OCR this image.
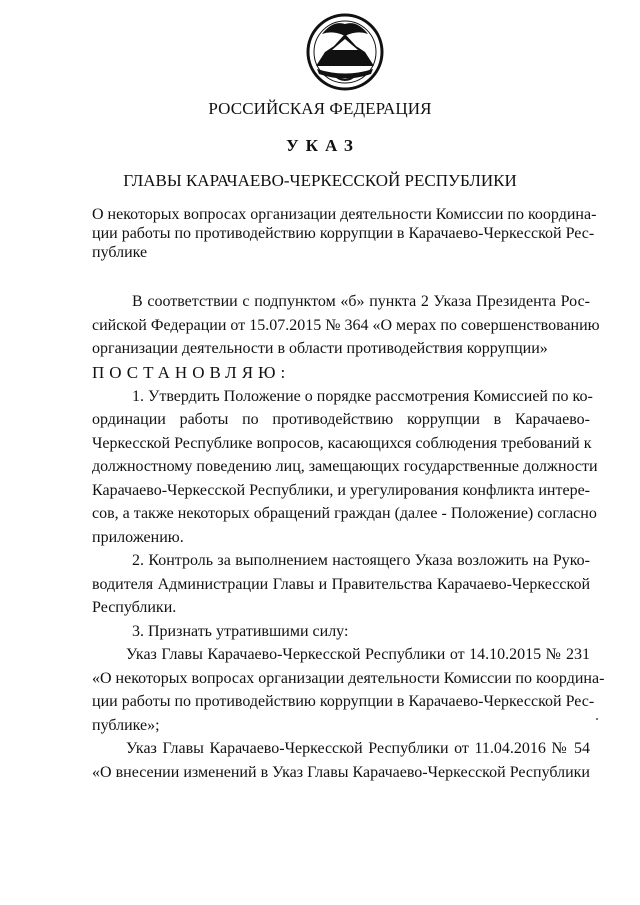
РОССИЙСКАЯ ФЕДЕРАЦИЯ
УКАЗ
ГЛАВЫ КАРАЧАЕВО-ЧЕРКЕССКОЙ РЕСПУБЛИКИ
О некоторых вопросах организации деятельности Комиссии по координа-
ции работы по противодействию коррупции в Карачаево-Черкесской Рес-
публике
В соответствии с подпунктом «б» пункта 2 Указа Президента Рос-
сийской Федерации от 15.07.2015 № 364 «О мерах по совершенствованию
организации деятельности в области противодействия коррупции»
ПОСТАНОВЛЯЮ:
1. Утвердить Положение о порядке рассмотрения Комиссией по ко-
ординации работы по противодействию коррупции в Карачаево-
Черкесской Республике вопросов, касающихся соблюдения требований к
должностному поведению лиц, замещающих государственные должности
Карачаево-Черкесской Республики, и урегулирования конфликта интере-
сов, а также некоторых обращений граждан (далее - Положение) согласно
приложению.
2. Контроль за выполнением настоящего Указа возложить на Руко-
водителя Администрации Главы и Правительства Карачаево-Черкесской
Республики.
3. Признать утратившими силу:
Указ Главы Карачаево-Черкесской Республики от 14.10.2015 № 231
«О некоторых вопросах организации деятельности Комиссии по координа-
ции работы по противодействию коррупции в Карачаево-Черкесской Рес-
публике»;
Указ Главы Карачаево-Черкесской Республики от 11.04.2016 № 54
«О внесении изменений в Указ Главы Карачаево-Черкесской Республики
